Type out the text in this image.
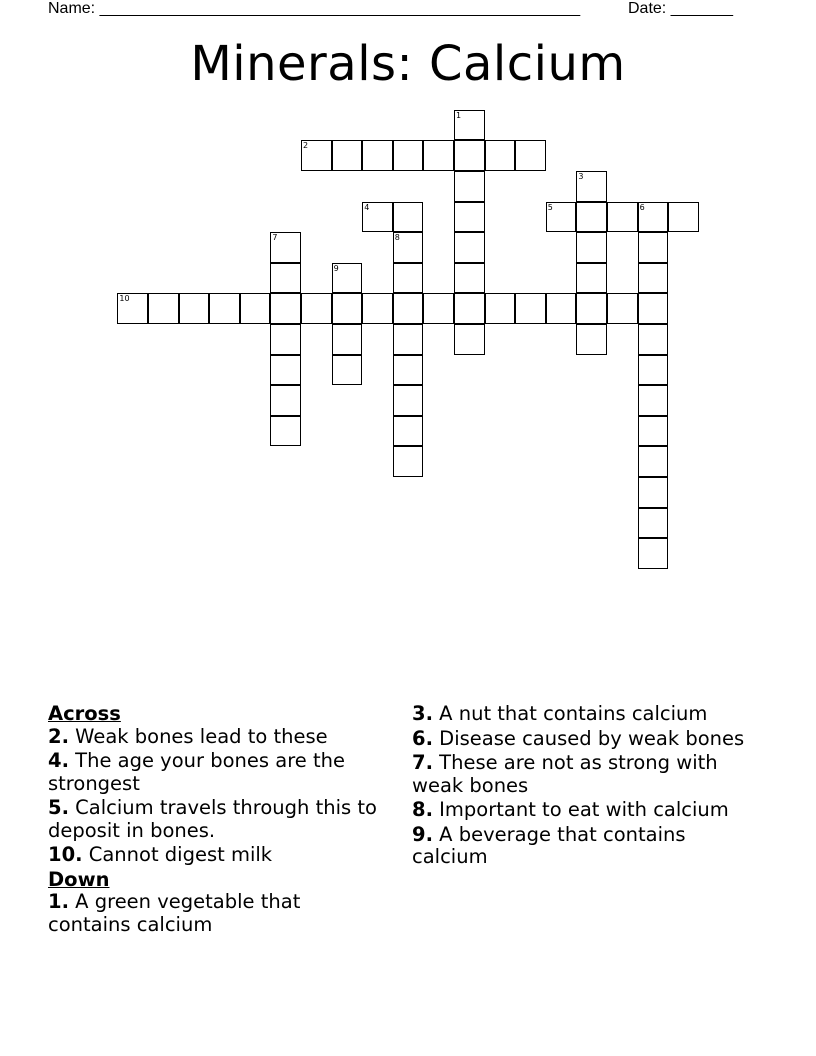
Name: ______________________________________________________	Date: _______
Minerals: Calcium
2
1
3
4	5	6
7	8
9
10

Across

2. Weak bones lead to these

4. The age your bones are the strongest

5. Calcium travels through this to deposit in bones.

10. Cannot digest milk

Down

1. A green vegetable that contains calcium

3. A nut that contains calcium

6. Disease caused by weak bones

7. These are not as strong with weak bones

8. Important to eat with calcium

9. A beverage that contains calcium
